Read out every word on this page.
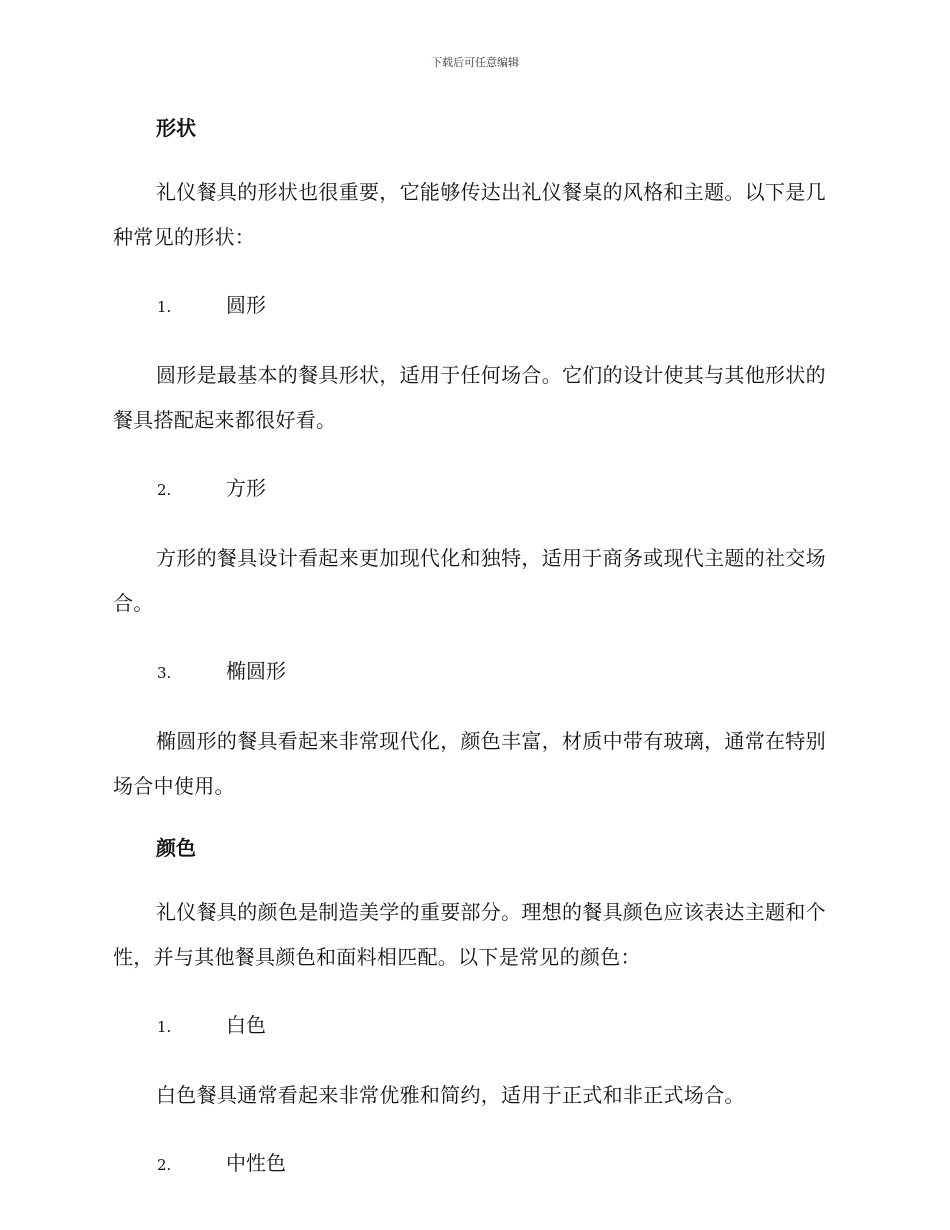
下载后可任意编辑
形状

礼仪餐具的形状也很重要，它能够传达出礼仪餐桌的风格和主题。以下是几种常见的形状：

1.	圆形

圆形是最基本的餐具形状，适用于任何场合。它们的设计使其与其他形状的餐具搭配起来都很好看。

2.	方形

方形的餐具设计看起来更加现代化和独特，适用于商务或现代主题的社交场合。

3.	椭圆形

椭圆形的餐具看起来非常现代化，颜色丰富，材质中带有玻璃，通常在特别场合中使用。

颜色

礼仪餐具的颜色是制造美学的重要部分。理想的餐具颜色应该表达主题和个性，并与其他餐具颜色和面料相匹配。以下是常见的颜色：

1.	白色

白色餐具通常看起来非常优雅和简约，适用于正式和非正式场合。

2.	中性色
